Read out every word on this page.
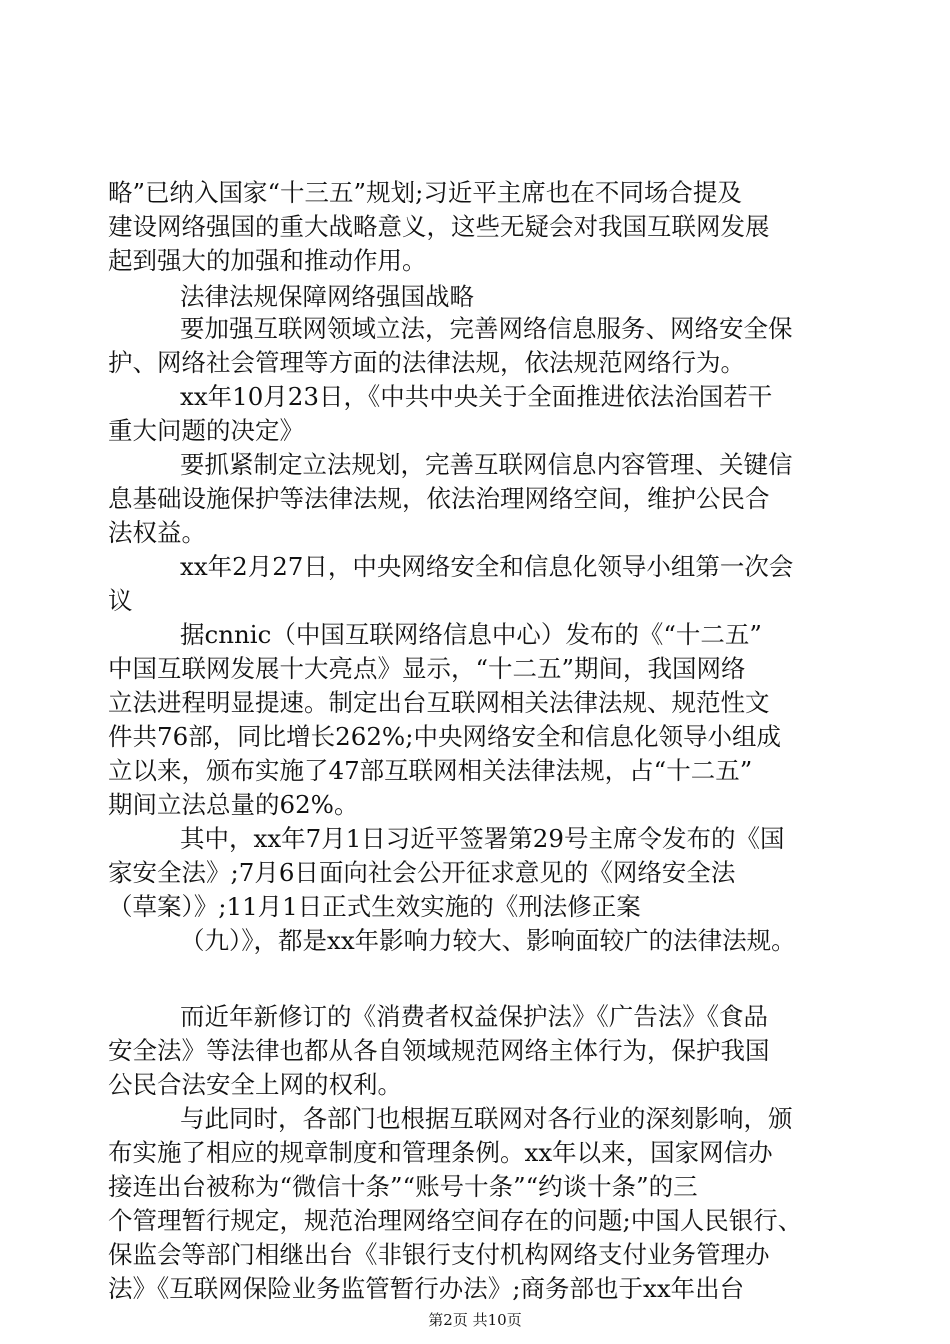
略”已纳入国家“十三五”规划;习近平主席也在不同场合提及
建设网络强国的重大战略意义，这些无疑会对我国互联网发展
起到强大的加强和推动作用。
法律法规保障网络强国战略
要加强互联网领域立法，完善网络信息服务、网络安全保
护、网络社会管理等方面的法律法规，依法规范网络行为。
xx年10月23日，《中共中央关于全面推进依法治国若干
重大问题的决定》
要抓紧制定立法规划，完善互联网信息内容管理、关键信
息基础设施保护等法律法规，依法治理网络空间，维护公民合
法权益。
xx年2月27日，中央网络安全和信息化领导小组第一次会
议
据cnnic（中国互联网络信息中心）发布的《“十二五”
中国互联网发展十大亮点》显示，“十二五”期间，我国网络
立法进程明显提速。制定出台互联网相关法律法规、规范性文
件共76部，同比增长262%;中央网络安全和信息化领导小组成
立以来，颁布实施了47部互联网相关法律法规，占“十二五”
期间立法总量的62%。
其中，xx年7月1日习近平签署第29号主席令发布的《国
家安全法》;7月6日面向社会公开征求意见的《网络安全法
（草案）》;11月1日正式生效实施的《刑法修正案
（九）》，都是xx年影响力较大、影响面较广的法律法规。
而近年新修订的《消费者权益保护法》《广告法》《食品
安全法》等法律也都从各自领域规范网络主体行为，保护我国
公民合法安全上网的权利。
与此同时，各部门也根据互联网对各行业的深刻影响，颁
布实施了相应的规章制度和管理条例。xx年以来，国家网信办
接连出台被称为“微信十条”“账号十条”“约谈十条”的三
个管理暂行规定，规范治理网络空间存在的问题;中国人民银行、
保监会等部门相继出台《非银行支付机构网络支付业务管理办
法》《互联网保险业务监管暂行办法》;商务部也于xx年出台
第2页 共10页
